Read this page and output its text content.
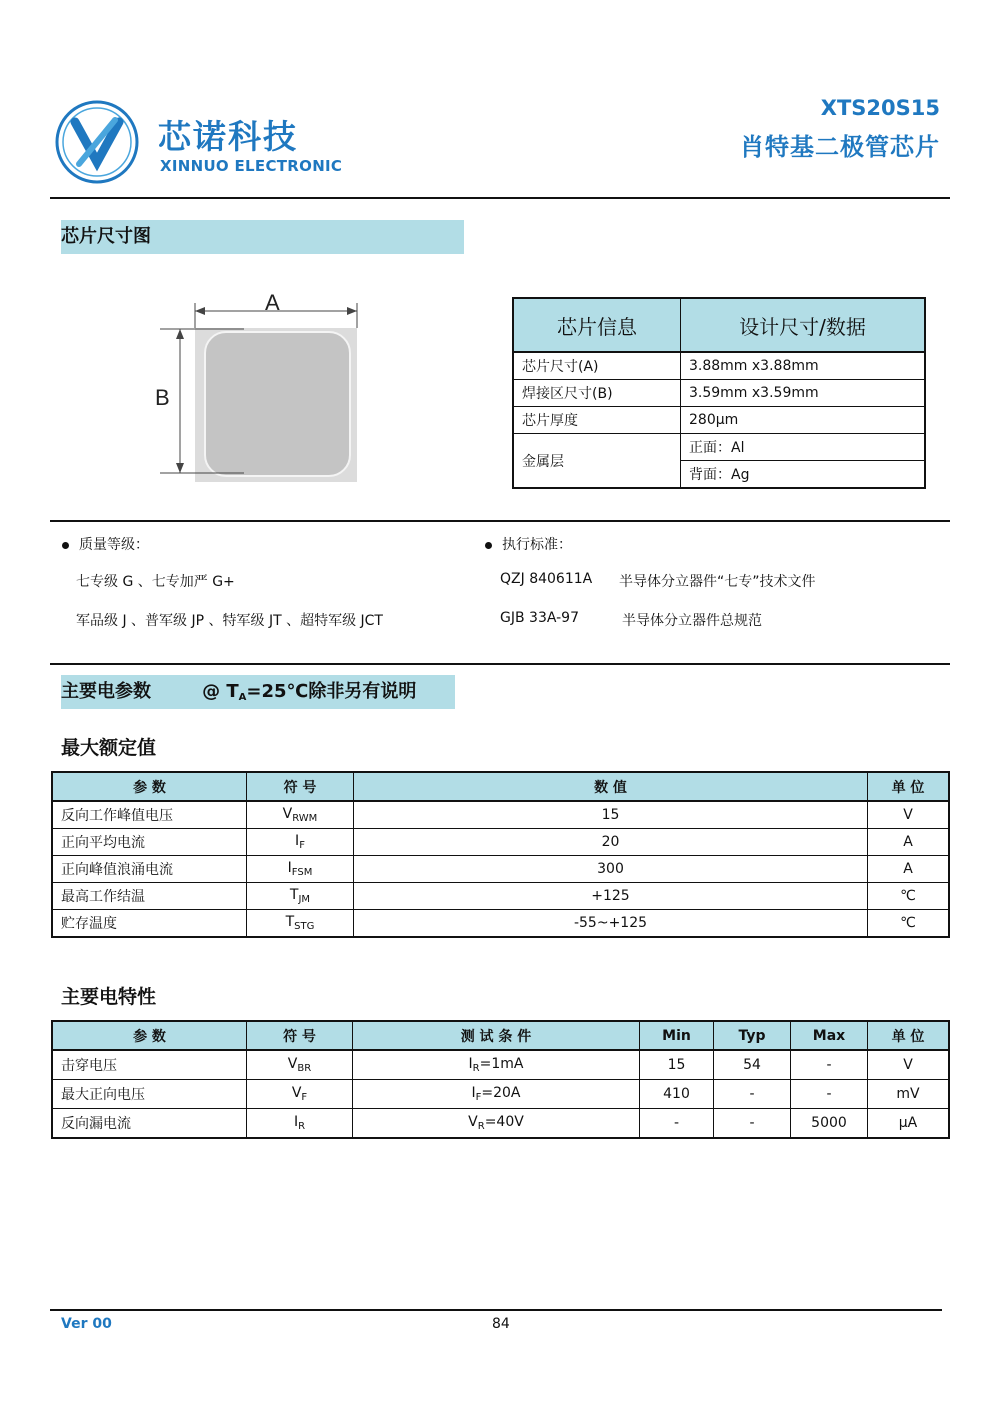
芯诺科技
XINNUO ELECTRONIC
XTS20S15
肖特基二极管芯片
芯片尺寸图
A
B
芯片信息	设计尺寸/数据
芯片尺寸(A)	3.88mm x3.88mm
焊接区尺寸(B)	3.59mm x3.59mm
芯片厚度	280μm
金属层	正面：Al
	背面：Ag
质量等级：
七专级 G 、七专加严 G+
军品级 J 、普军级 JP 、特军级 JT 、超特军级 JCT
执行标准：
QZJ 840611A 半导体分立器件“七专”技术文件
GJB 33A-97	半导体分立器件总规范
主要电参数	@ $T_A=25℃$除非另有说明
最大额定值
参 数	符 号	数 值	单 位
反向工作峰值电压	$V_{RWM}$	15	V
正向平均电流	$I_F$	20	A
正向峰值浪涌电流	$I_{FSM}$	300	A
最高工作结温	$T_{JM}$	+125	℃
贮存温度	$T_{STG}$	-55~+125	℃
主要电特性
参 数	符 号	测 试 条 件	Min	Typ	Max	单 位
击穿电压	$V_{BR}$	$I_R=1mA$	15	54	-	V
最大正向电压	$V_F$	$I_F=20A$	410	-	-	mV
反向漏电流	$I_R$	$V_R=40V$	-	-	5000	μA
Ver 00	84
